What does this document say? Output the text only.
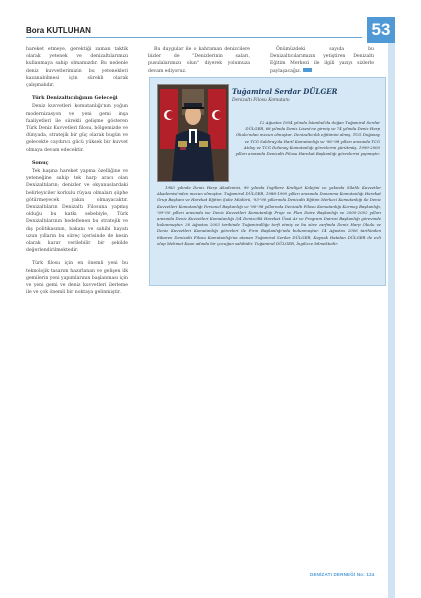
Bora KUTLUHAN	53

hareket etmeye, gerektiği zaman taktik olarak yetenek ve denizaltılarımızı kullanmaya sahip olmamızdır. Bu nedenle deniz kuvvetlerimizin bu yetenekleri kazanabilmesi için sürekli olarak çalışmalıdır.

Türk Denizaltıcılığının Geleceği

Deniz kuvvetleri komutanlığı'nın yoğun modernizasyon ve yeni gemi inşa faaliyetleri ile sürekli gelişme gösteren Türk Deniz Kuvvetleri filosu, bölgemizde ve dünyada, stratejik bir güç olarak bugün ve gelecekte caydırıcı gücü yüksek bir kuvvet olmaya devam edecektir.

Sonuç

Tek başına hareket yapma özelliğine ve yeteneğine sahip tek harp aracı olan Denizaltıların; denizler ve okyanuslardaki belirleyiciler korkulu rüyası olmaları şüphe götürmeyecek yakın olmayacaktır. Denizaltıların Denizaltı Filosuna yapmış olduğu bu katkı sebebiyle, Türk Denizaltılarının hedeflenen bu stratejik ve dış politikasının, bakanı ve sahibi hayatı uzun yılların bu süreç içerisinde de kesin olarak karar verilebilir bir şekilde değerlendirilmektedir.

Türk filosu için en önemli yeni bu teknolojik tasarım hazırlanan ve gelişen ilk gemilerin yeni yapımlarının başlanması için ve yeni gemi ve deniz kuvvetleri ilerleme ile ve çok önemli bir noktaya gelinmiştir.

Bu duygular ile o kahraman denizcilere bizler de "Denizlerinin saları, pusulalarımızı olun" diyerek yolumuza devam ediyoruz.

Önümüzdeki sayıda bu Denizaltıcılarımızın yetiştiren Denizaltı Eğitim Merkezi ile ilgili yazıyı sizlerle paylaşacağız.

Tuğamiral Serdar DÜLGER
Denizaltı Filosu Komutanı

12 Ağustos 1954 yılında İstanbul'da doğan Tuğamiral Serdar DÜLGER, 68 yılında Deniz Lisesi'ne girmiş ve 74 yılında Deniz Harp Okulu'ndan mezun olmuştur. Denizaltıcılık eğitimini almış, TCG Doğanay ve TCG Saldıray'da Haril Komutanlığı ve '96-'98 yılları arasında TCG Atılay ve TCG Dolunay Komutanlığı görevlerini yürütmüş, 1999-2000 yılları arasında Denizaltı Filosu Harekat Başkanlığı görevlerini yapmıştır.

1983 yılında Deniz Harp Akademisi, 99 yılında İngiltere Kraliyet Kolejini ve yakında Silahlı Kuvvetler Akademisi'nden mezun olmuştur. Tuğamiral DÜLGER, 1988-1990 yılları arasında Donanma Komutanlığı Harekat Grup Başkanı ve Harekat Eğitim Şube Müdürü, '93-'96 yıllarında Denizaltı Eğitim Merkezi Komutanlığı ile Deniz Kuvvetleri Komutanlığı Personel Başkanlığı ve '96-'98 yıllarında Denizaltı Filosu Komutanlığı Kurmay Başkanlığı, '99-'00 yılları arasında ise Deniz Kuvvetleri Komutanlığı Proje ve Plan Daire Başkanlığı ve 2000-2002 yılları arasında Deniz Kuvvetleri Komutanlığı 3/4 Denizcilik Harekat Üssü Ar ve Program Dairesi Başkanlığı görevinde bulunmuştur. 30 Ağustos 2003 tarihinde Tuğamiralliğe terfi etmiş ve bu süre zarfında Deniz Harp Okulu ve Deniz Kuvvetleri Komutanlığı görevleri ile Fırın Başkanlığı'nda bulunmuştur. 14 Ağustos 2006 tarihinden itibaren Denizaltı Filosu Komutanlığı'na atanan Tuğamiral Serdar DÜLGER, Kaynak Hatıdan DÜLGER ile evli olup Mehmet Kaan adında bir çocuğun sahibidir. Tuğamiral DÜLGER, İngilizce bilmektedir.

DENİZATI DERNEĞİ No: 124
